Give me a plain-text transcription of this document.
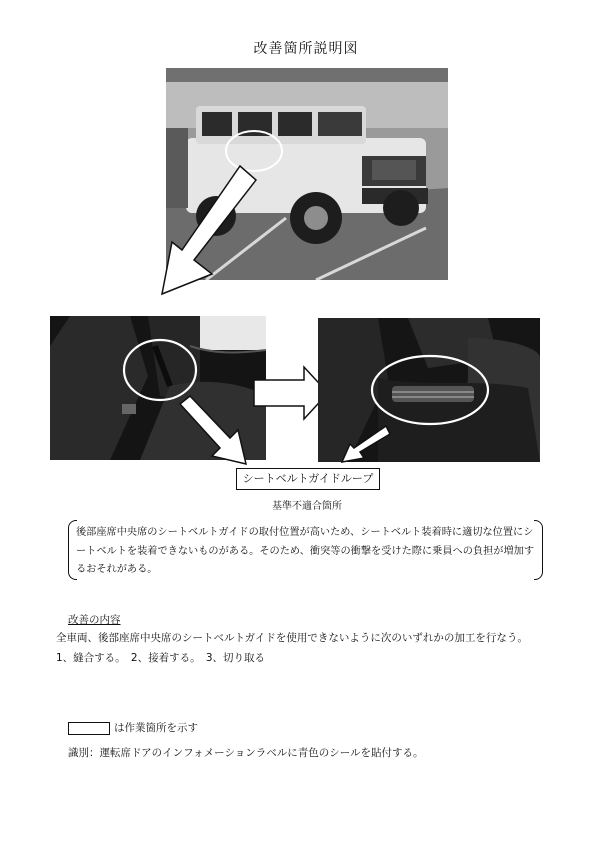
改善箇所説明図
シートベルトガイドループ
基準不適合箇所
後部座席中央席のシートベルトガイドの取付位置が高いため、シートベルト装着時に適切な位置にシートベルトを装着できないものがある。そのため、衝突等の衝撃を受けた際に乗員への負担が増加するおそれがある。
改善の内容
全車両、後部座席中央席のシートベルトガイドを使用できないように次のいずれかの加工を行なう。
1、縫合する。　2、接着する。　3、切り取る
は作業箇所を示す
識別：運転席ドアのインフォメーションラベルに青色のシールを貼付する。
